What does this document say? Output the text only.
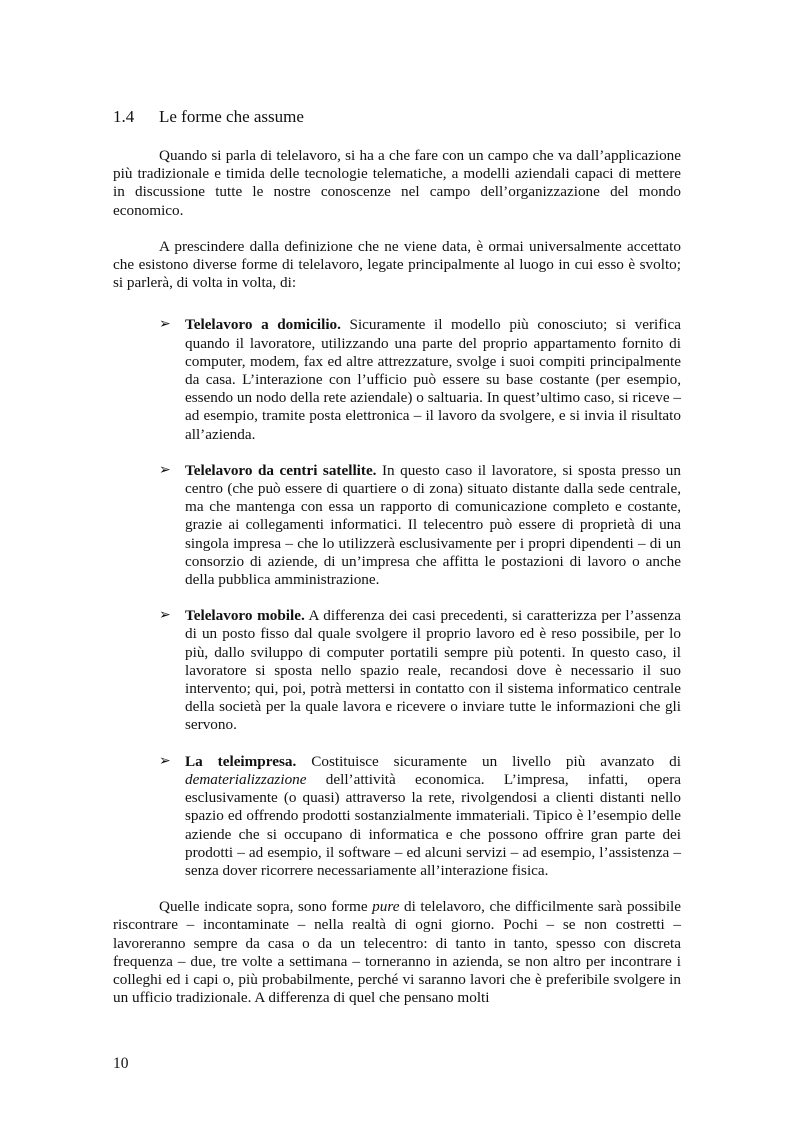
1.4 Le forme che assume

Quando si parla di telelavoro, si ha a che fare con un campo che va dall’applicazione più tradizionale e timida delle tecnologie telematiche, a modelli aziendali capaci di mettere in discussione tutte le nostre conoscenze nel campo dell’organizzazione del mondo economico.

A prescindere dalla definizione che ne viene data, è ormai universalmente accettato che esistono diverse forme di telelavoro, legate principalmente al luogo in cui esso è svolto; si parlerà, di volta in volta, di:

➢ Telelavoro a domicilio. Sicuramente il modello più conosciuto; si verifica quando il lavoratore, utilizzando una parte del proprio appartamento fornito di computer, modem, fax ed altre attrezzature, svolge i suoi compiti principalmente da casa. L’interazione con l’ufficio può essere su base costante (per esempio, essendo un nodo della rete aziendale) o saltuaria. In quest’ultimo caso, si riceve – ad esempio, tramite posta elettronica – il lavoro da svolgere, e si invia il risultato all’azienda.
➢ Telelavoro da centri satellite. In questo caso il lavoratore, si sposta presso un centro (che può essere di quartiere o di zona) situato distante dalla sede centrale, ma che mantenga con essa un rapporto di comunicazione completo e costante, grazie ai collegamenti informatici. Il telecentro può essere di proprietà di una singola impresa – che lo utilizzerà esclusivamente per i propri dipendenti – di un consorzio di aziende, di un’impresa che affitta le postazioni di lavoro o anche della pubblica amministrazione.
➢ Telelavoro mobile. A differenza dei casi precedenti, si caratterizza per l’assenza di un posto fisso dal quale svolgere il proprio lavoro ed è reso possibile, per lo più, dallo sviluppo di computer portatili sempre più potenti. In questo caso, il lavoratore si sposta nello spazio reale, recandosi dove è necessario il suo intervento; qui, poi, potrà mettersi in contatto con il sistema informatico centrale della società per la quale lavora e ricevere o inviare tutte le informazioni che gli servono.
➢ La teleimpresa. Costituisce sicuramente un livello più avanzato di dematerializzazione dell’attività economica. L’impresa, infatti, opera esclusivamente (o quasi) attraverso la rete, rivolgendosi a clienti distanti nello spazio ed offrendo prodotti sostanzialmente immateriali. Tipico è l’esempio delle aziende che si occupano di informatica e che possono offrire gran parte dei prodotti – ad esempio, il software – ed alcuni servizi – ad esempio, l’assistenza – senza dover ricorrere necessariamente all’interazione fisica.

Quelle indicate sopra, sono forme pure di telelavoro, che difficilmente sarà possibile riscontrare – incontaminate – nella realtà di ogni giorno. Pochi – se non costretti – lavoreranno sempre da casa o da un telecentro: di tanto in tanto, spesso con discreta frequenza – due, tre volte a settimana – torneranno in azienda, se non altro per incontrare i colleghi ed i capi o, più probabilmente, perché vi saranno lavori che è preferibile svolgere in un ufficio tradizionale. A differenza di quel che pensano molti

10
